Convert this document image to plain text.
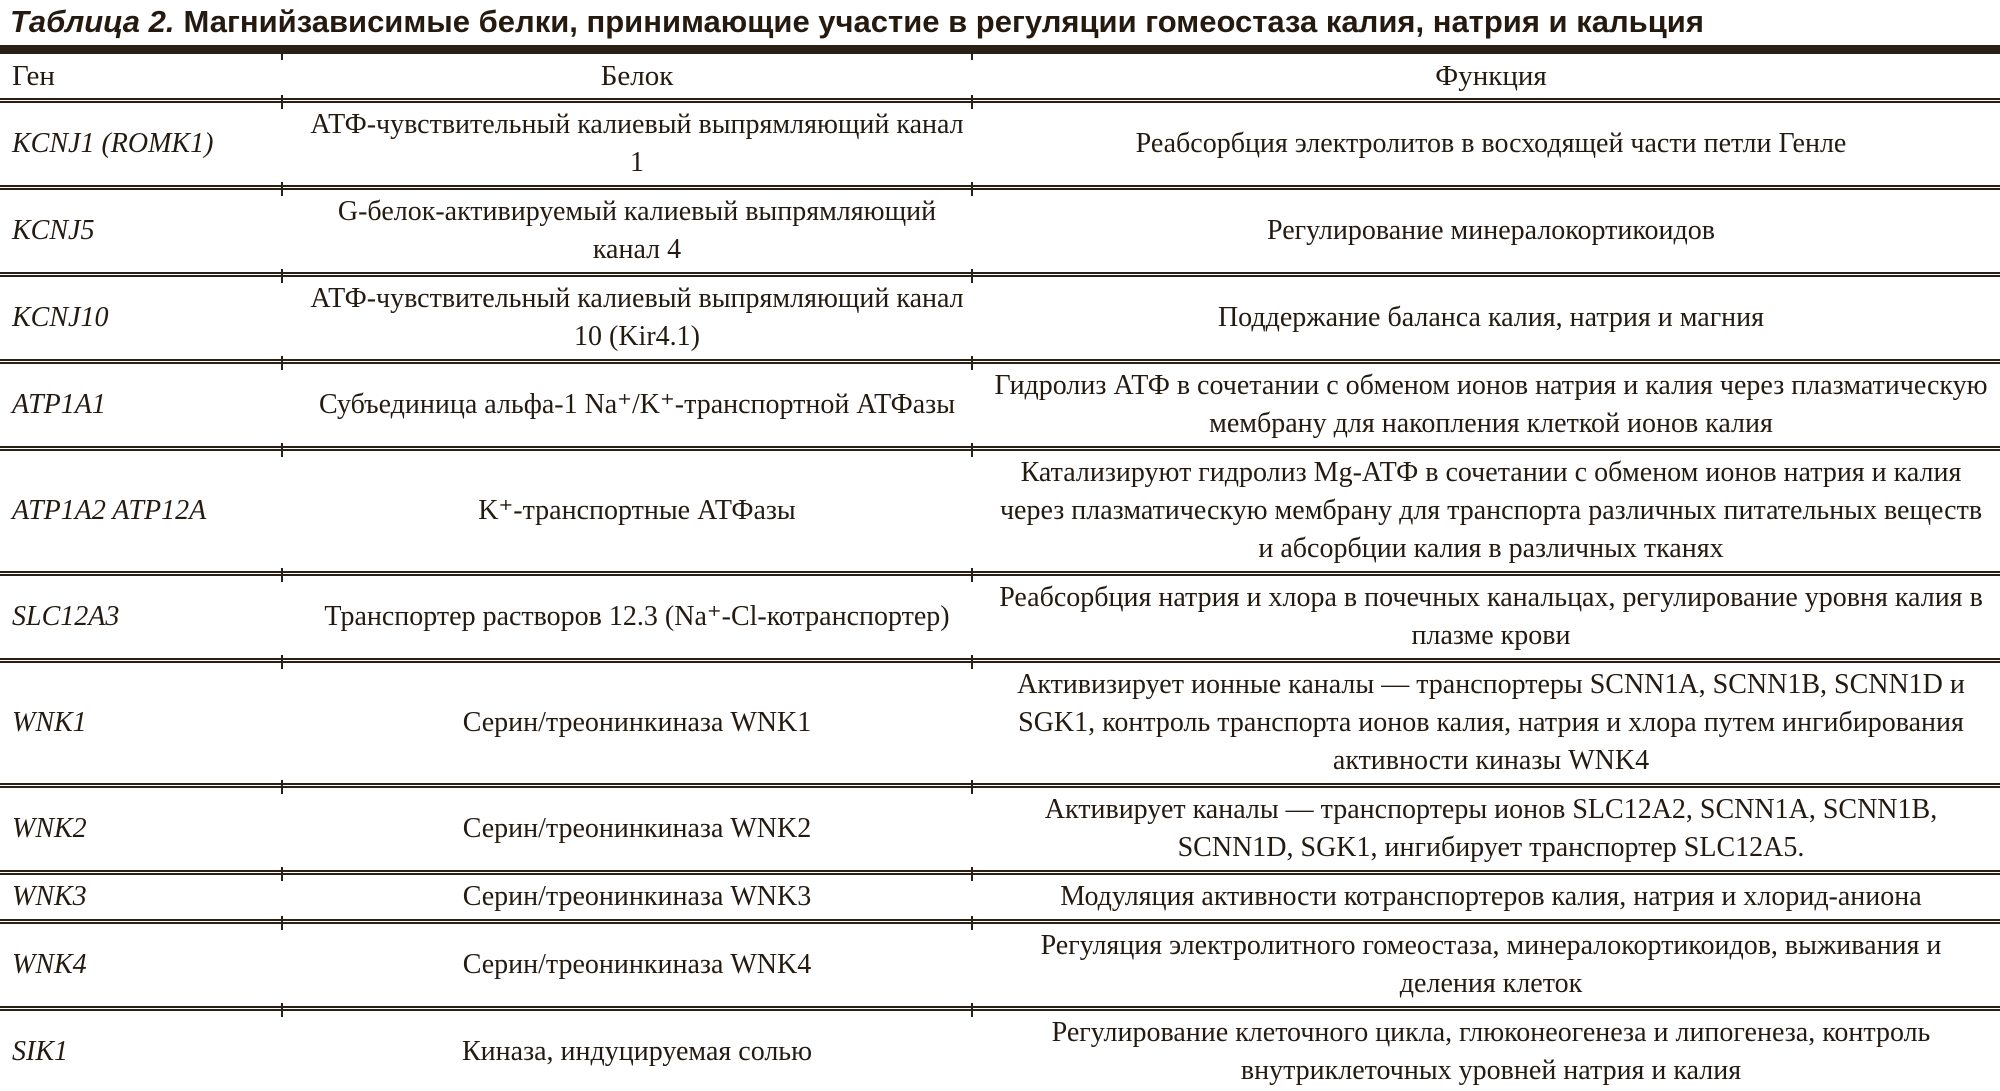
Таблица 2. Магнийзависимые белки, принимающие участие в регуляции гомеостаза калия, натрия и кальция
Ген	Белок	Функция
KCNJ1 (ROMK1)	АТФ-чувствительный калиевый выпрямляющий канал 1	Реабсорбция электролитов в восходящей части петли Генле
KCNJ5	G-белок-активируемый калиевый выпрямляющий канал 4	Регулирование минералокортикоидов
KCNJ10	АТФ-чувствительный калиевый выпрямляющий канал 10 (Kir4.1)	Поддержание баланса калия, натрия и магния
ATP1A1	Субъединица альфа-1 Na⁺/K⁺-транспортной АТФазы	Гидролиз АТФ в сочетании с обменом ионов натрия и калия через плазматическую мембрану для накопления клеткой ионов калия
ATP1A2 ATP12A	K⁺-транспортные АТФазы	Катализируют гидролиз Mg-АТФ в сочетании с обменом ионов натрия и калия через плазматическую мембрану для транспорта различных питательных веществ и абсорбции калия в различных тканях
SLC12A3	Транспортер растворов 12.3 (Na⁺-Cl-котранспортер)	Реабсорбция натрия и хлора в почечных канальцах, регулирование уровня калия в плазме крови
WNK1	Серин/треонинкиназа WNK1	Активизирует ионные каналы — транспортеры SCNN1A, SCNN1B, SCNN1D и SGK1, контроль транспорта ионов калия, натрия и хлора путем ингибирования активности киназы WNK4
WNK2	Серин/треонинкиназа WNK2	Активирует каналы — транспортеры ионов SLC12A2, SCNN1A, SCNN1B, SCNN1D, SGK1, ингибирует транспортер SLC12A5.
WNK3	Серин/треонинкиназа WNK3	Модуляция активности котранспортеров калия, натрия и хлорид-аниона
WNK4	Серин/треонинкиназа WNK4	Регуляция электролитного гомеостаза, минералокортикоидов, выживания и деления клеток
SIK1	Киназа, индуцируемая солью	Регулирование клеточного цикла, глюконеогенеза и липогенеза, контроль внутриклеточных уровней натрия и калия
